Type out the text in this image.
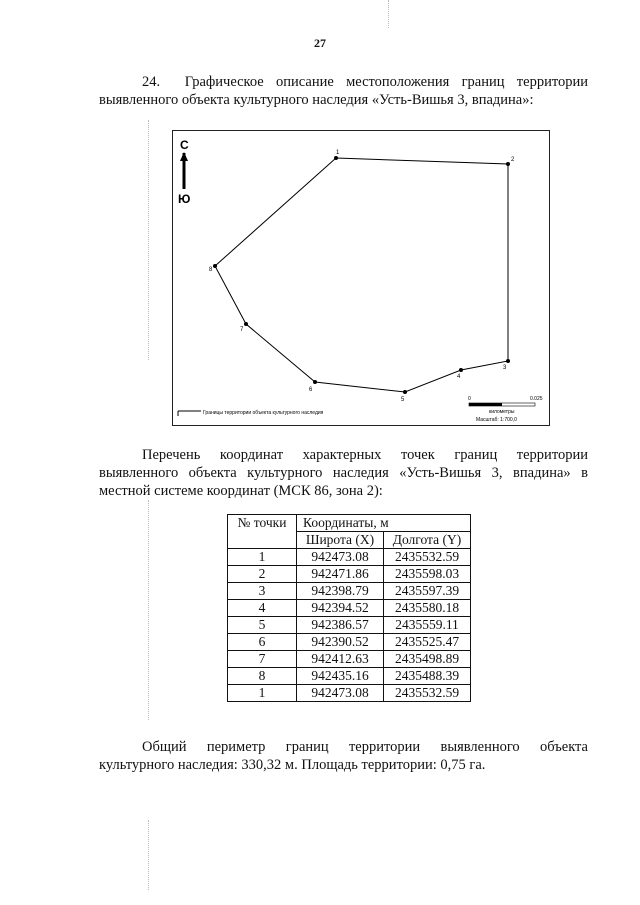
27
24. Графическое описание местоположения границ территории
выявленного объекта культурного наследия «Усть-Вишья 3, впадина»:
С
Ю
1
2
3
4
5
6
7
8
Границы территории объекта культурного наследия
0	0.025
километры
Масштаб: 1:700,0
Перечень координат характерных точек границ территории
выявленного объекта культурного наследия «Усть-Вишья 3, впадина» в
местной системе координат (МСК 86, зона 2):
№ точки	Координаты, м	
	Широта (X)	Долгота (Y)
1	942473.08	2435532.59
2	942471.86	2435598.03
3	942398.79	2435597.39
4	942394.52	2435580.18
5	942386.57	2435559.11
6	942390.52	2435525.47
7	942412.63	2435498.89
8	942435.16	2435488.39
1	942473.08	2435532.59
Общий периметр границ территории выявленного объекта
культурного наследия: 330,32 м. Площадь территории: 0,75 га.
